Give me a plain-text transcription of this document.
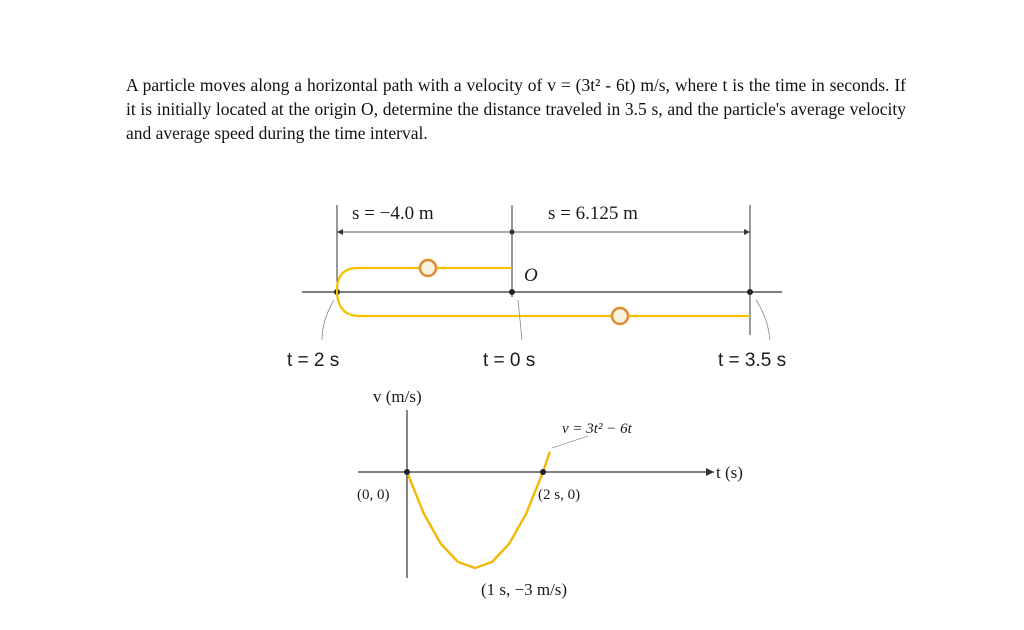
A particle moves along a horizontal path with a velocity of v = (3t² - 6t) m/s, where t is the time in seconds. If it is initially located at the origin O, determine the distance traveled in 3.5 s, and the particle's average velocity and average speed during the time interval.

s = −4.0 m	s = 6.125 m
O
t = 2 s	t = 0 s	t = 3.5 s
v (m/s)
t (s)
v = 3t² − 6t
(0, 0)	(2 s, 0)
(1 s, −3 m/s)
